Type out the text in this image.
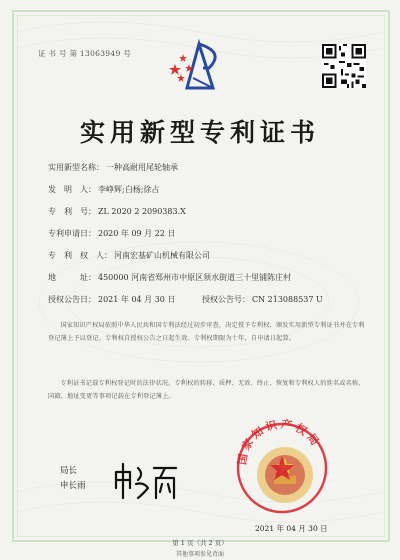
证 书 号 第 13063949 号
实用新型专利证书
实用新型名称： 一种高耐用尾轮轴承
发　明　人： 李峥辉;白杨;徐占
专　利　号： ZL 2020 2 2090383.X
专利申请日： 2020 年 09 月 22 日
专　利　权　人： 河南宏基矿山机械有限公司
地　　　址： 450000 河南省郑州市中原区须水街道三十里铺陈庄村
授权公告日： 2021 年 04 月 30 日	授权公告号： CN 213088537 U

国家知识产权局依照中华人民共和国专利法经过初步审查，决定授予专利权，颁发实用新型专利证书并在专利登记簿上予以登记。专利权自授权公告之日起生效。专利权期限为十年，自申请日起算。

专利证书记载专利权登记时的法律状况。专利权的转移、质押、无效、终止、恢复和专利权人的姓名或名称、国籍、地址变更等事项记载在专利登记簿上。

国家知识产权局
局长
申长雨
2021 年 04 月 30 日
第 1 页（共 2 页）
其他事项参见背面
